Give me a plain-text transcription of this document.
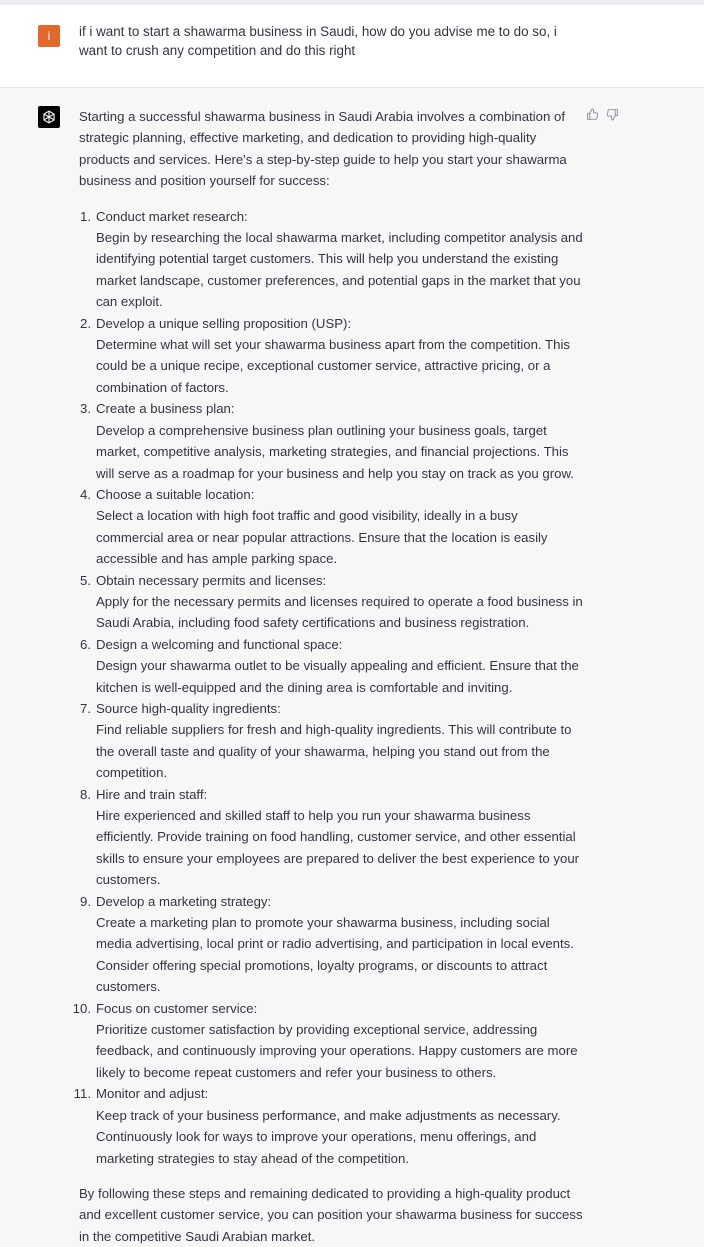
i	if i want to start a shawarma business in Saudi, how do you advise me to do so, i want to crush any competition and do this right

Starting a successful shawarma business in Saudi Arabia involves a combination of strategic planning, effective marketing, and dedication to providing high-quality products and services. Here's a step-by-step guide to help you start your shawarma business and position yourself for success:

1. Conduct market research:
Begin by researching the local shawarma market, including competitor analysis and identifying potential target customers. This will help you understand the existing market landscape, customer preferences, and potential gaps in the market that you can exploit.
2. Develop a unique selling proposition (USP):
Determine what will set your shawarma business apart from the competition. This could be a unique recipe, exceptional customer service, attractive pricing, or a combination of factors.
3. Create a business plan:
Develop a comprehensive business plan outlining your business goals, target market, competitive analysis, marketing strategies, and financial projections. This will serve as a roadmap for your business and help you stay on track as you grow.
4. Choose a suitable location:
Select a location with high foot traffic and good visibility, ideally in a busy commercial area or near popular attractions. Ensure that the location is easily accessible and has ample parking space.
5. Obtain necessary permits and licenses:
Apply for the necessary permits and licenses required to operate a food business in Saudi Arabia, including food safety certifications and business registration.
6. Design a welcoming and functional space:
Design your shawarma outlet to be visually appealing and efficient. Ensure that the kitchen is well-equipped and the dining area is comfortable and inviting.
7. Source high-quality ingredients:
Find reliable suppliers for fresh and high-quality ingredients. This will contribute to the overall taste and quality of your shawarma, helping you stand out from the competition.
8. Hire and train staff:
Hire experienced and skilled staff to help you run your shawarma business efficiently. Provide training on food handling, customer service, and other essential skills to ensure your employees are prepared to deliver the best experience to your customers.
9. Develop a marketing strategy:
Create a marketing plan to promote your shawarma business, including social media advertising, local print or radio advertising, and participation in local events. Consider offering special promotions, loyalty programs, or discounts to attract customers.
10. Focus on customer service:
Prioritize customer satisfaction by providing exceptional service, addressing feedback, and continuously improving your operations. Happy customers are more likely to become repeat customers and refer your business to others.
11. Monitor and adjust:
Keep track of your business performance, and make adjustments as necessary. Continuously look for ways to improve your operations, menu offerings, and marketing strategies to stay ahead of the competition.

By following these steps and remaining dedicated to providing a high-quality product and excellent customer service, you can position your shawarma business for success in the competitive Saudi Arabian market.
